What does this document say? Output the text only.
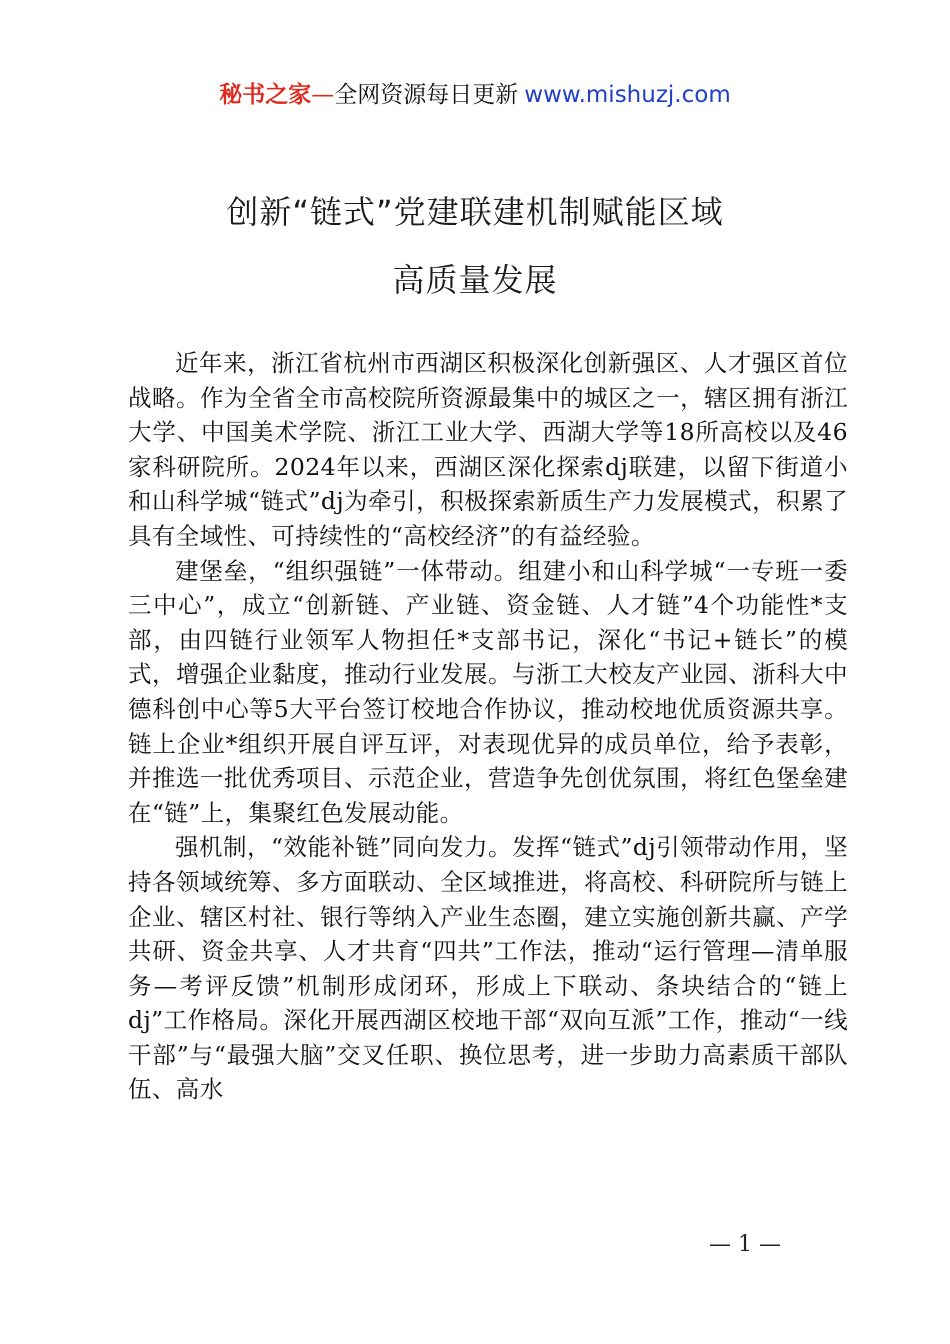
秘书之家—全网资源每日更新 www.mishuzj.com
创新“链式”党建联建机制赋能区域
高质量发展

近年来，浙江省杭州市西湖区积极深化创新强区、人才强区首位战略。作为全省全市高校院所资源最集中的城区之一，辖区拥有浙江大学、中国美术学院、浙江工业大学、西湖大学等18所高校以及46家科研院所。2024年以来，西湖区深化探索dj联建，以留下街道小和山科学城“链式”dj为牵引，积极探索新质生产力发展模式，积累了具有全域性、可持续性的“高校经济”的有益经验。

建堡垒，“组织强链”一体带动。组建小和山科学城“一专班一委三中心”，成立“创新链、产业链、资金链、人才链”4个功能性*支部，由四链行业领军人物担任*支部书记，深化“书记+链长”的模式，增强企业黏度，推动行业发展。与浙工大校友产业园、浙科大中德科创中心等5大平台签订校地合作协议，推动校地优质资源共享。链上企业*组织开展自评互评，对表现优异的成员单位，给予表彰，并推选一批优秀项目、示范企业，营造争先创优氛围，将红色堡垒建在“链”上，集聚红色发展动能。

强机制，“效能补链”同向发力。发挥“链式”dj引领带动作用，坚持各领域统筹、多方面联动、全区域推进，将高校、科研院所与链上企业、辖区村社、银行等纳入产业生态圈，建立实施创新共赢、产学共研、资金共享、人才共育“四共”工作法，推动“运行管理—清单服务—考评反馈”机制形成闭环，形成上下联动、条块结合的“链上dj”工作格局。深化开展西湖区校地干部“双向互派”工作，推动“一线干部”与“最强大脑”交叉任职、换位思考，进一步助力高素质干部队伍、高水

— 1 —
